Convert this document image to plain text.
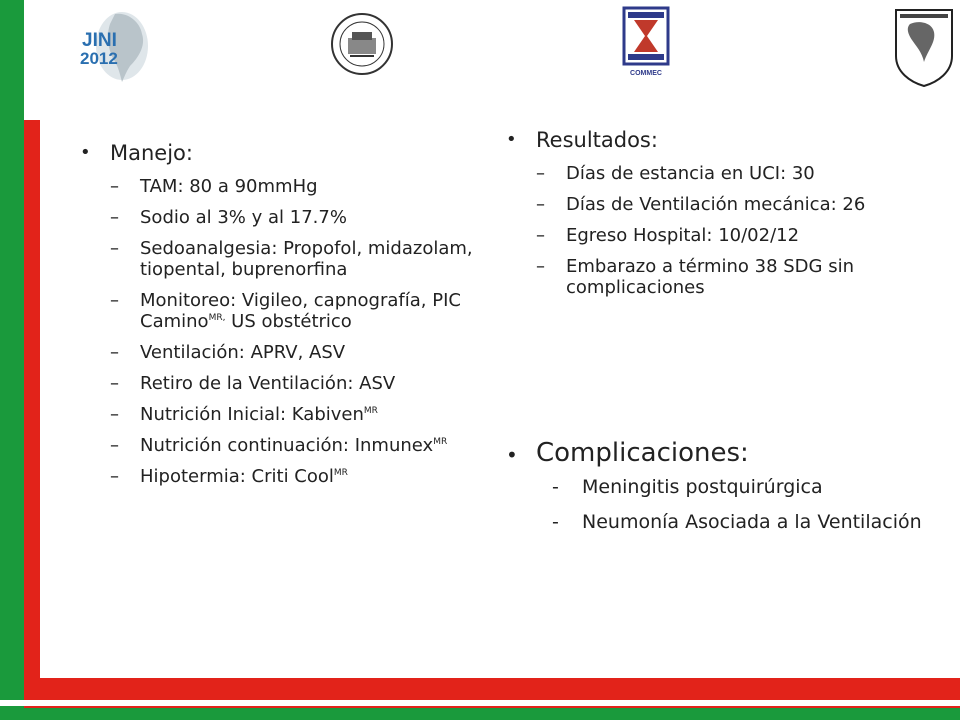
JINI
2012
COMMEC
• Manejo:
– TAM: 80 a 90mmHg
– Sodio al 3% y al 17.7%
– Sedoanalgesia: Propofol, midazolam, tiopental, buprenorfina
– Monitoreo: Vigileo, capnografía, PIC Camino$^{MR,}$ US obstétrico
– Ventilación: APRV, ASV
– Retiro de la Ventilación: ASV
– Nutrición Inicial: Kabiven$^{MR}$
– Nutrición continuación: Inmunex$^{MR}$
– Hipotermia: Criti Cool$^{MR}$
• Resultados:
– Días de estancia en UCI: 30
– Días de Ventilación mecánica: 26
– Egreso Hospital: 10/02/12
– Embarazo a término 38 SDG sin complicaciones
• Complicaciones:
- Meningitis postquirúrgica
- Neumonía Asociada a la Ventilación
